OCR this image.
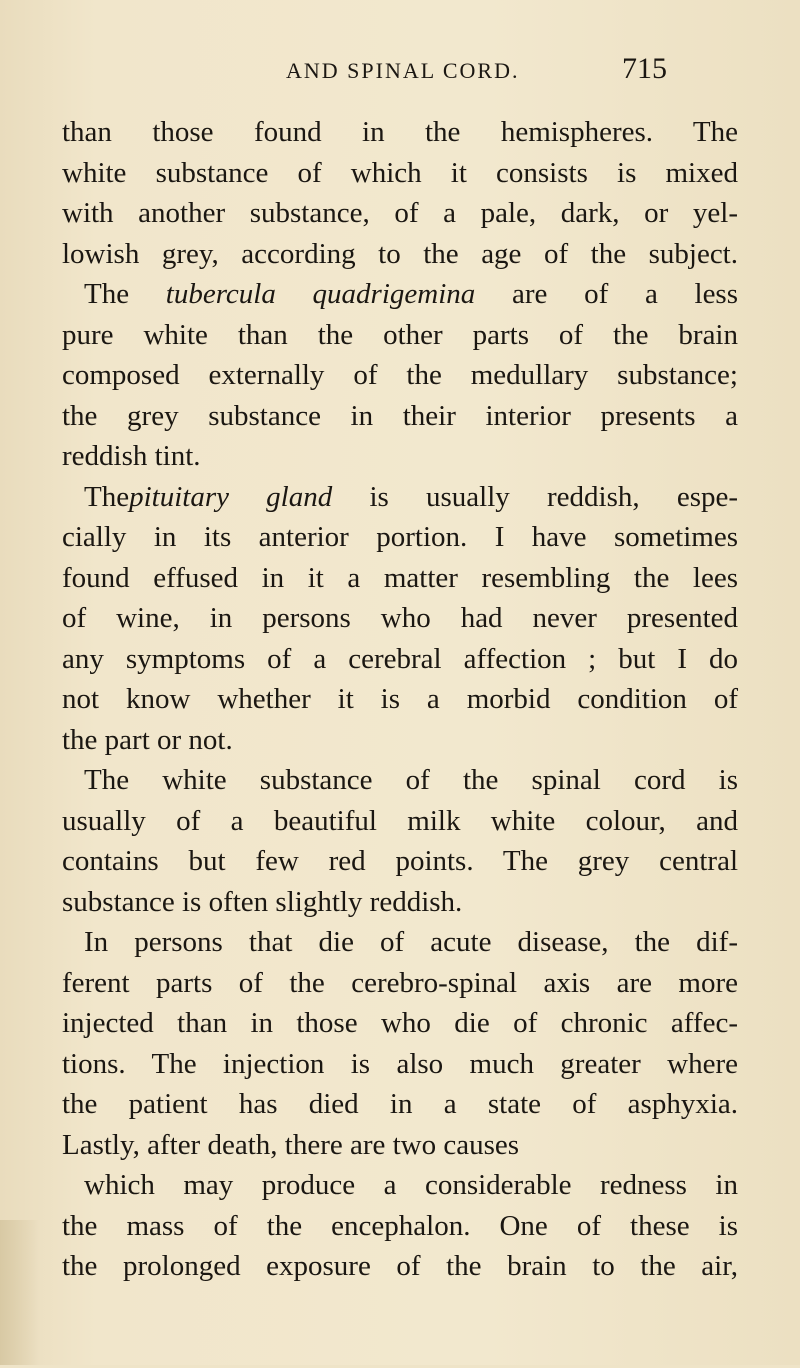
AND SPINAL CORD.	715
than those found in the hemispheres. The
white substance of which it consists is mixed
with another substance, of a pale, dark, or yel-
lowish grey, according to the age of the subject.
The tubercula quadrigemina are of a less
pure white than the other parts of the brain
composed externally of the medullary substance;
the grey substance in their interior presents a
reddish tint.
Thepituitary gland is usually reddish, espe-
cially in its anterior portion. I have sometimes
found effused in it a matter resembling the lees
of wine, in persons who had never presented
any symptoms of a cerebral affection ; but I do
not know whether it is a morbid condition of
the part or not.
The white substance of the spinal cord is
usually of a beautiful milk white colour, and
contains but few red points. The grey central
substance is often slightly reddish.
In persons that die of acute disease, the dif-
ferent parts of the cerebro-spinal axis are more
injected than in those who die of chronic affec-
tions. The injection is also much greater where
the patient has died in a state of asphyxia.
Lastly, after death, there are two causes
which may produce a considerable redness in
the mass of the encephalon. One of these is
the prolonged exposure of the brain to the air,
